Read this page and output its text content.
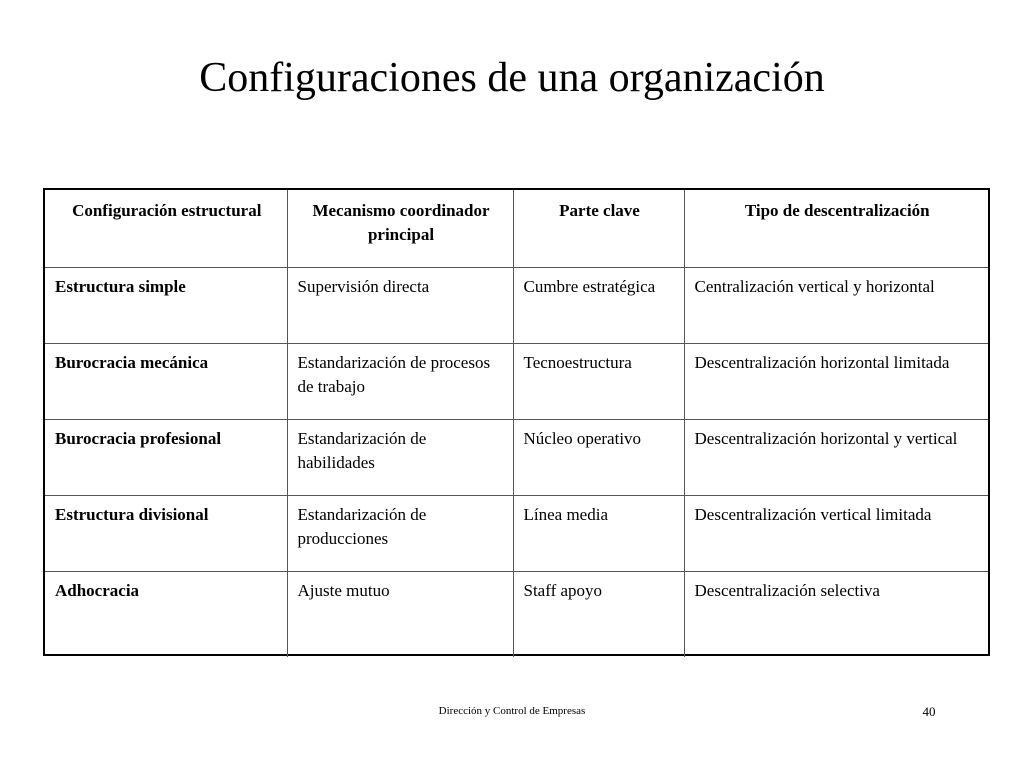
Configuraciones de una organización
Configuración estructural	Mecanismo coordinador principal	Parte clave	Tipo de descentralización
Estructura simple	Supervisión directa	Cumbre estratégica	Centralización vertical y horizontal
Burocracia mecánica	Estandarización de procesos de trabajo	Tecnoestructura	Descentralización horizontal limitada
Burocracia profesional	Estandarización de habilidades	Núcleo operativo	Descentralización horizontal y vertical
Estructura divisional	Estandarización de producciones	Línea media	Descentralización vertical limitada
Adhocracia	Ajuste mutuo	Staff apoyo	Descentralización selectiva
Dirección y Control de Empresas	40
